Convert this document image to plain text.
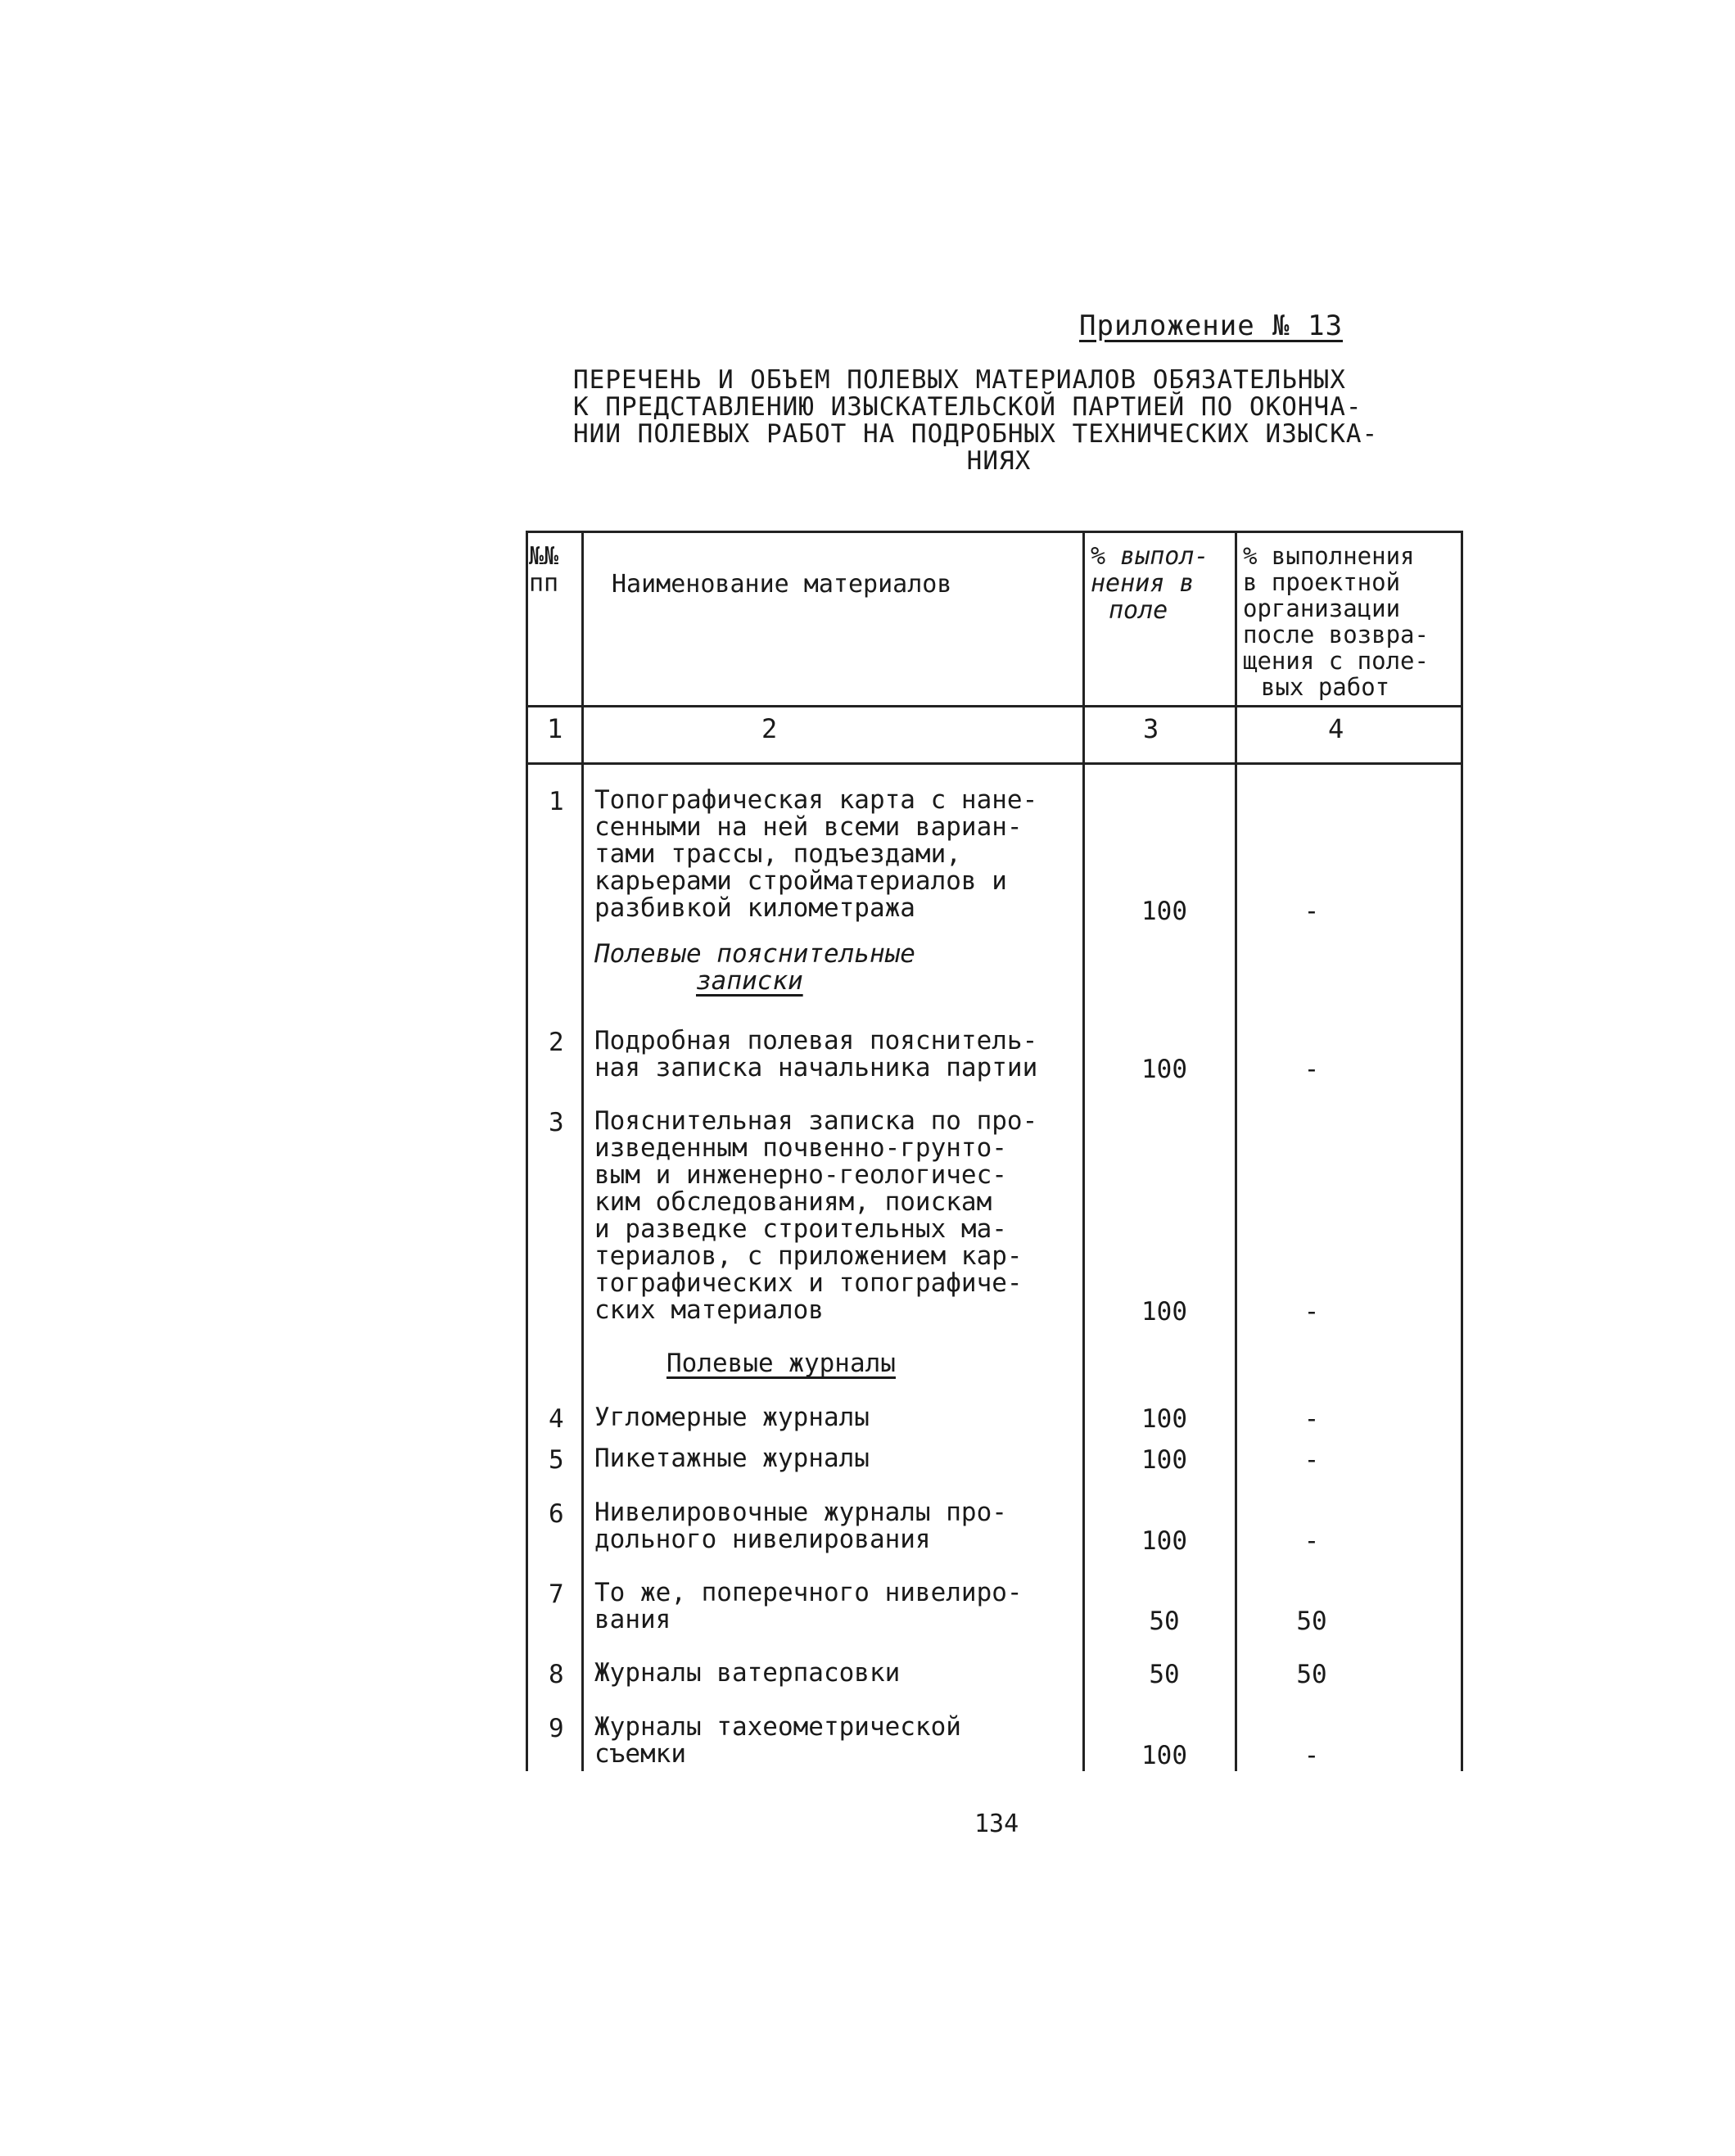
Приложение № 13
ПЕРЕЧЕНЬ И ОБЪЕМ ПОЛЕВЫХ МАТЕРИАЛОВ ОБЯЗАТЕЛЬНЫХ
К ПРЕДСТАВЛЕНИЮ ИЗЫСКАТЕЛЬСКОЙ ПАРТИЕЙ ПО ОКОНЧА-
НИИ ПОЛЕВЫХ РАБОТ НА ПОДРОБНЫХ ТЕХНИЧЕСКИХ ИЗЫСКА-
НИЯХ
№№
пп Наименование материалов
% выпол-
нения в
поле
% выполнения
в проектной
организации
после возвра-
щения с поле-
вых работ
1	2	3	4
1 Топографическая карта с нане-
сенными на ней всеми вариан-
тами трассы, подъездами,
карьерами стройматериалов и
разбивкой километража	100	-
Полевые пояснительные
записки
2 Подробная полевая пояснитель-
ная записка начальника партии	100	-
3 Пояснительная записка по про-
изведенным почвенно-грунто-
вым и инженерно-геологичес-
ким обследованиям, поискам
и разведке строительных ма-
териалов, с приложением кар-
тографических и топографиче-
ских материалов	100	-
Полевые журналы
4 Угломерные журналы	100	-
5 Пикетажные журналы	100	-
6 Нивелировочные журналы про-
дольного нивелирования	100	-
7 То же, поперечного нивелиро-
вания	50	50
8 Журналы ватерпасовки	50	50
9 Журналы тахеометрической
съемки	100	-
134
